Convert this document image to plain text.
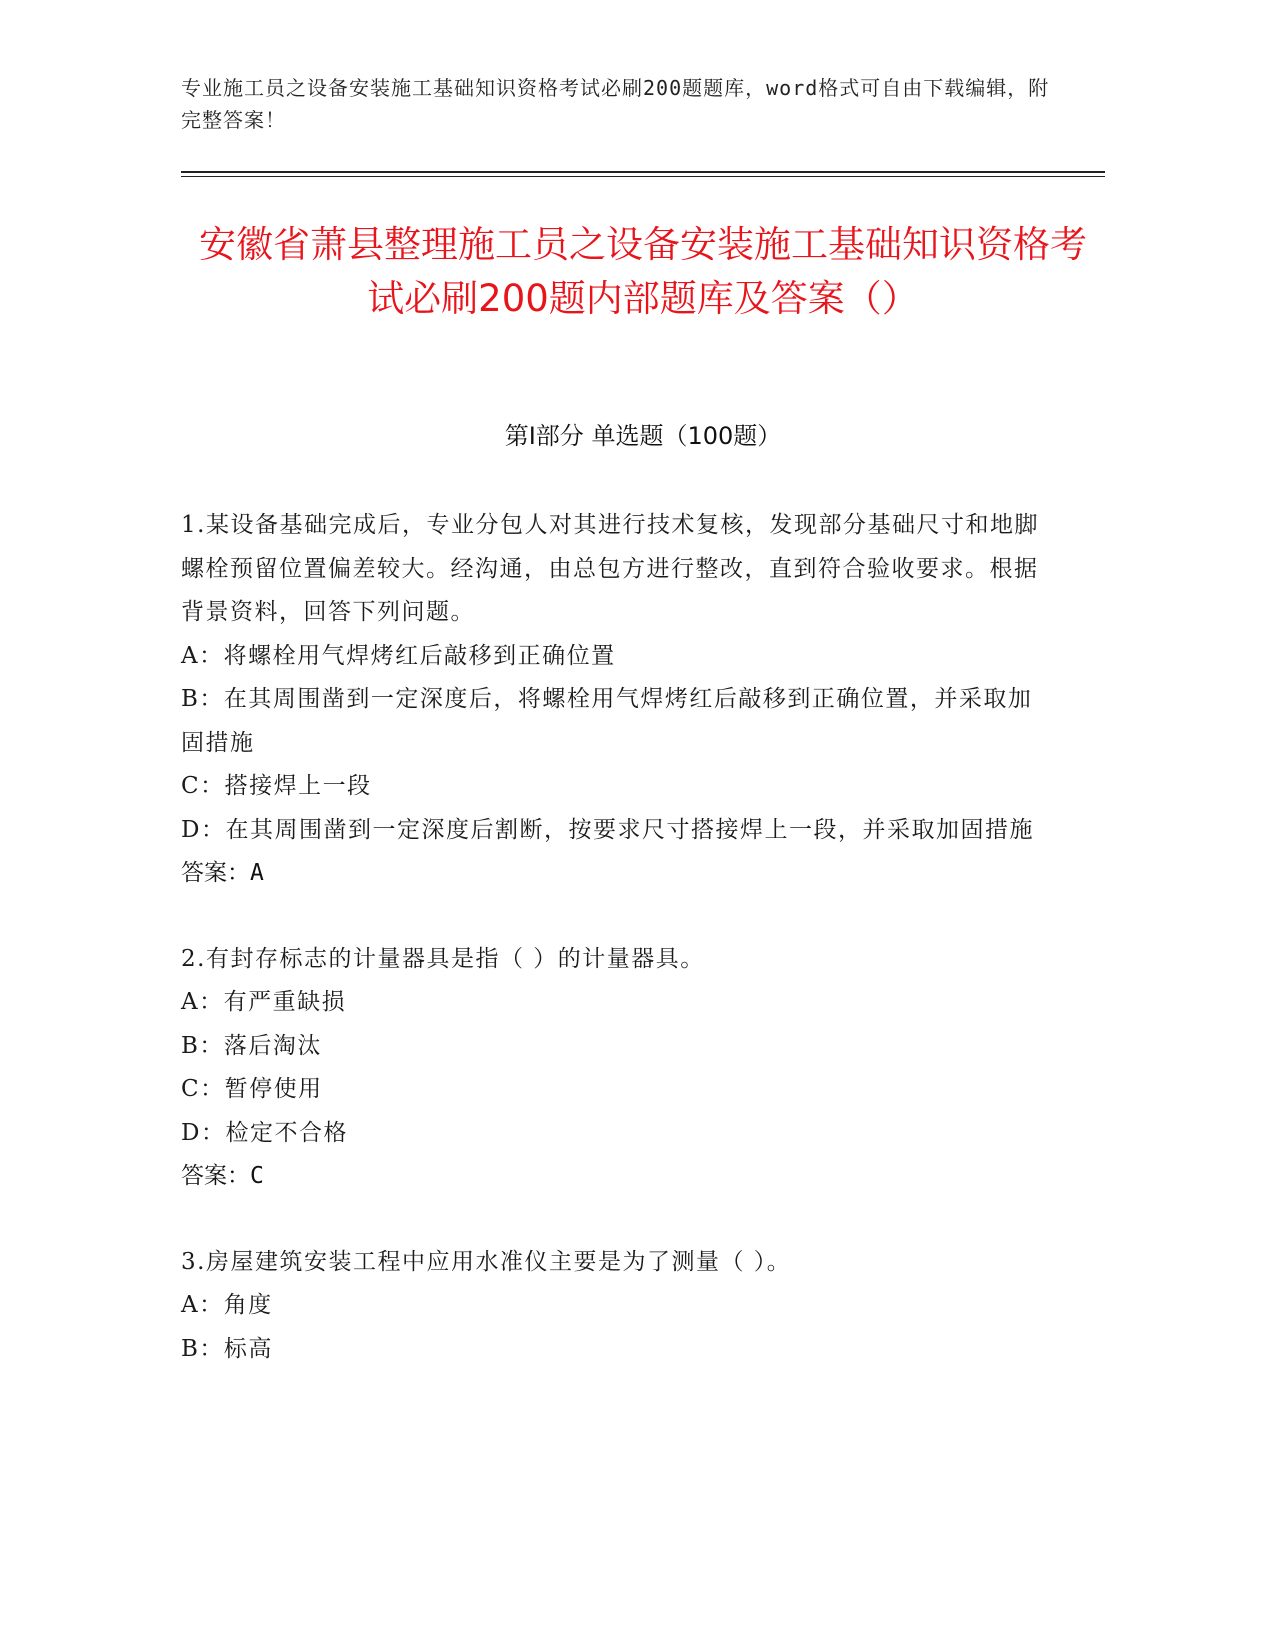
专业施工员之设备安装施工基础知识资格考试必刷200题题库，word格式可自由下载编辑，附完整答案！
安徽省萧县整理施工员之设备安装施工基础知识资格考试必刷200题内部题库及答案（）
第Ⅰ部分 单选题（100题）
1.某设备基础完成后，专业分包人对其进行技术复核，发现部分基础尺寸和地脚螺栓预留位置偏差较大。经沟通，由总包方进行整改，直到符合验收要求。根据背景资料，回答下列问题。
A：将螺栓用气焊烤红后敲移到正确位置
B：在其周围凿到一定深度后，将螺栓用气焊烤红后敲移到正确位置，并采取加固措施
C：搭接焊上一段
D：在其周围凿到一定深度后割断，按要求尺寸搭接焊上一段，并采取加固措施
答案：A
2.有封存标志的计量器具是指（ ）的计量器具。
A：有严重缺损
B：落后淘汰
C：暂停使用
D：检定不合格
答案：C
3.房屋建筑安装工程中应用水准仪主要是为了测量（ ）。
A：角度
B：标高
